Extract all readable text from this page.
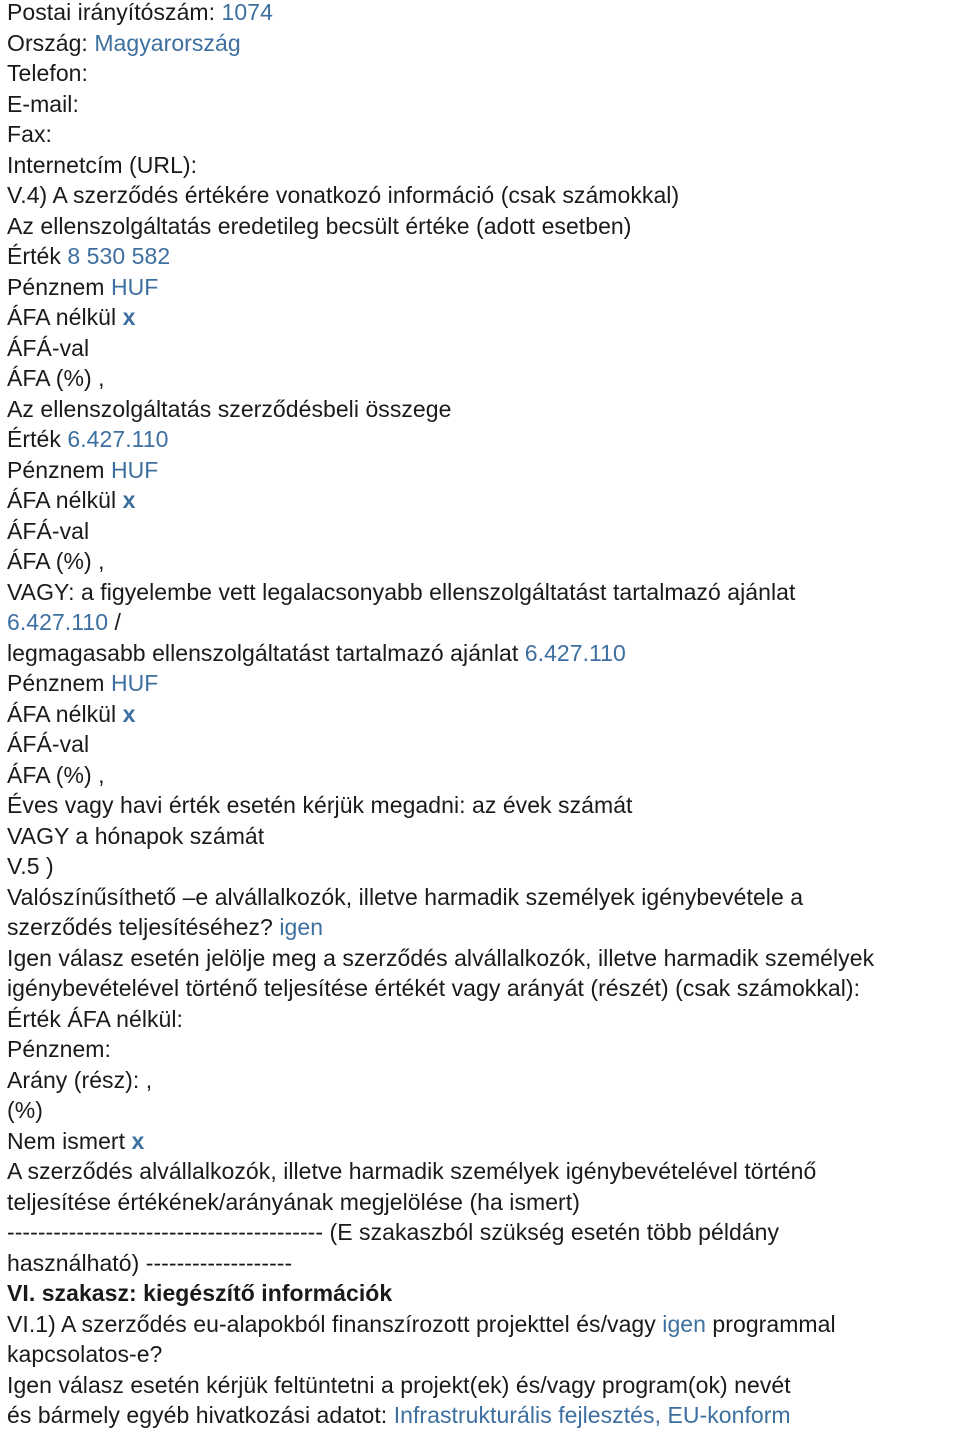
Postai irányítószám: 1074
Ország: Magyarország
Telefon:
E-mail:
Fax:
Internetcím (URL):
V.4) A szerződés értékére vonatkozó információ (csak számokkal)
Az ellenszolgáltatás eredetileg becsült értéke (adott esetben)
Érték 8 530 582
Pénznem HUF
ÁFA nélkül x
ÁFÁ-val
ÁFA (%) ,
Az ellenszolgáltatás szerződésbeli összege
Érték 6.427.110
Pénznem HUF
ÁFA nélkül x
ÁFÁ-val
ÁFA (%) ,
VAGY: a figyelembe vett legalacsonyabb ellenszolgáltatást tartalmazó ajánlat
6.427.110 /
legmagasabb ellenszolgáltatást tartalmazó ajánlat 6.427.110
Pénznem HUF
ÁFA nélkül x
ÁFÁ-val
ÁFA (%) ,
Éves vagy havi érték esetén kérjük megadni: az évek számát
VAGY a hónapok számát
V.5 )
Valószínűsíthető –e alvállalkozók, illetve harmadik személyek igénybevétele a
szerződés teljesítéséhez? igen
Igen válasz esetén jelölje meg a szerződés alvállalkozók, illetve harmadik személyek
igénybevételével történő teljesítése értékét vagy arányát (részét) (csak számokkal):
Érték ÁFA nélkül:
Pénznem:
Arány (rész): ,
(%)
Nem ismert x
A szerződés alvállalkozók, illetve harmadik személyek igénybevételével történő
teljesítése értékének/arányának megjelölése (ha ismert)
----------------------------------------- (E szakaszból szükség esetén több példány
használható) -------------------
VI. szakasz: kiegészítő információk
VI.1) A szerződés eu-alapokból finanszírozott projekttel és/vagy igen programmal
kapcsolatos-e?
Igen válasz esetén kérjük feltüntetni a projekt(ek) és/vagy program(ok) nevét
és bármely egyéb hivatkozási adatot: Infrastrukturális fejlesztés, EU-konform
